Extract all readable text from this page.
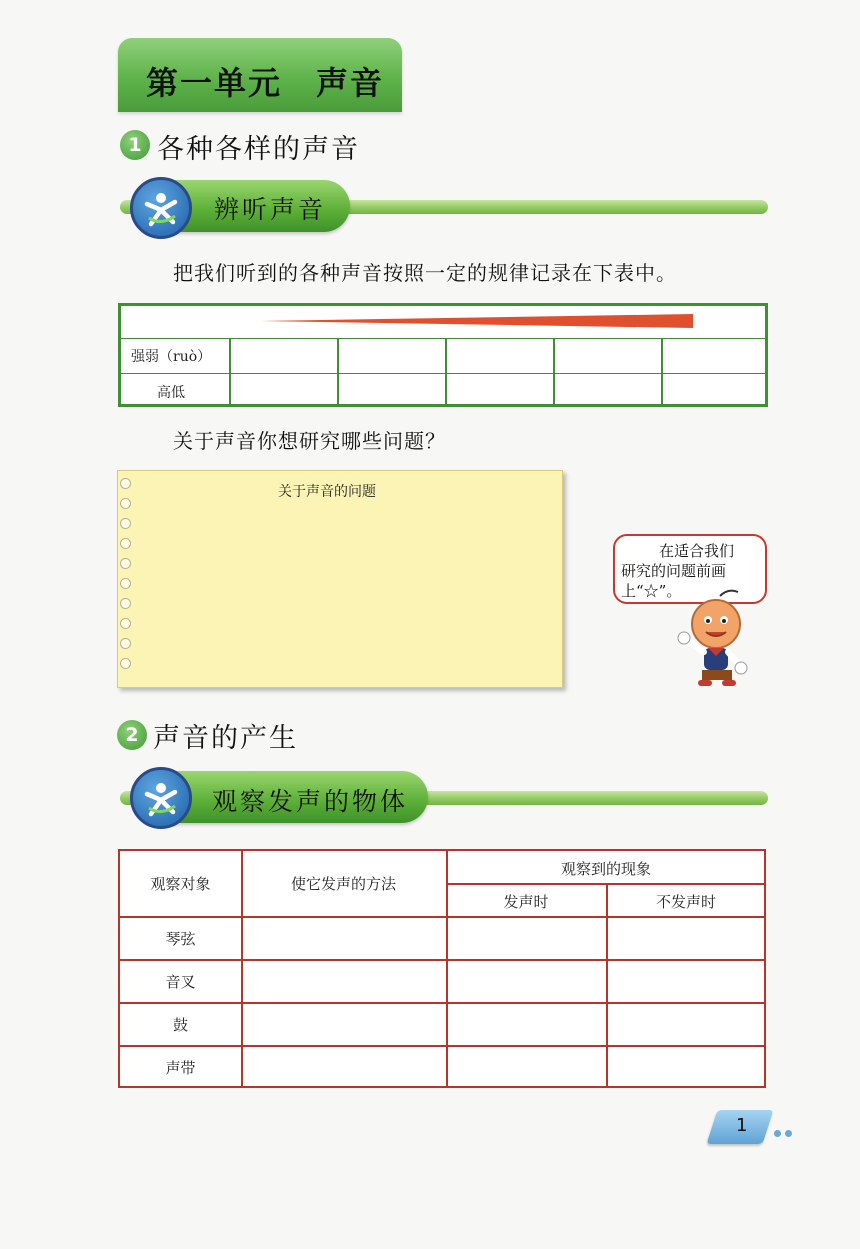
第一单元　声音
1 各种各样的声音
辨听声音
把我们听到的各种声音按照一定的规律记录在下表中。
强弱（ruò）
高低
关于声音你想研究哪些问题？
关于声音的问题
在适合我们
研究的问题前画
上“☆”。
2 声音的产生
观察发声的物体
观察对象	使它发声的方法
观察到的现象
发声时	不发声时
琴弦
音叉
鼓
声带
1
